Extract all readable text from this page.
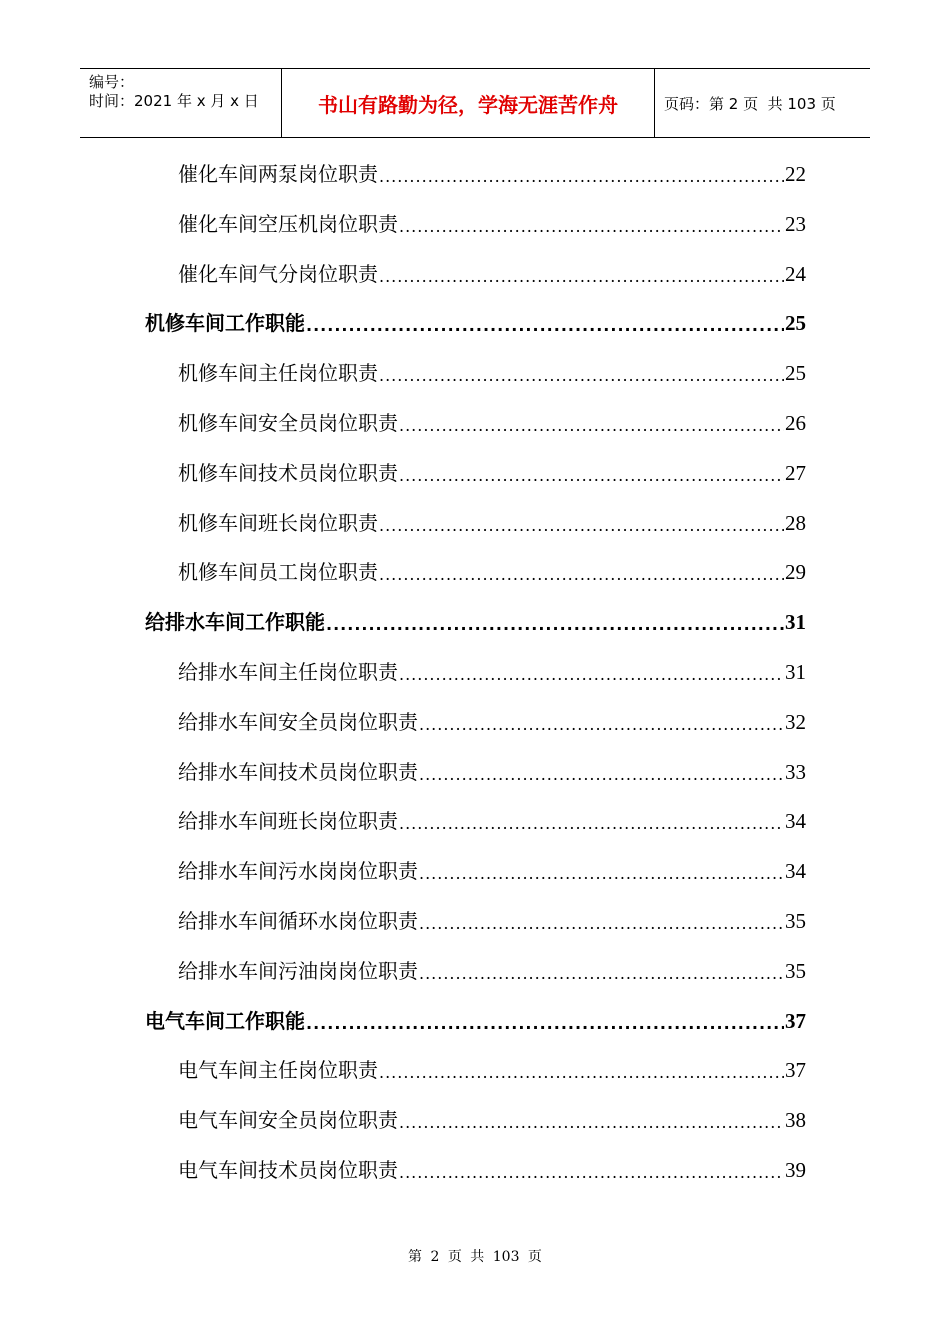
编号：
时间：2021 年 x 月 x 日	书山有路勤为径，学海无涯苦作舟	页码：第 2 页  共 103 页
催化车间两泵岗位职责 .....	22
催化车间空压机岗位职责 .....	23
催化车间气分岗位职责 .....	24
机修车间工作职能 .....	25
机修车间主任岗位职责 .....	25
机修车间安全员岗位职责 .....	26
机修车间技术员岗位职责 .....	27
机修车间班长岗位职责 .....	28
机修车间员工岗位职责 .....	29
给排水车间工作职能 .....	31
给排水车间主任岗位职责 .....	31
给排水车间安全员岗位职责 .....	32
给排水车间技术员岗位职责 .....	33
给排水车间班长岗位职责 .....	34
给排水车间污水岗岗位职责 .....	34
给排水车间循环水岗位职责 .....	35
给排水车间污油岗岗位职责 .....	35
电气车间工作职能 .....	37
电气车间主任岗位职责 .....	37
电气车间安全员岗位职责 .....	38
电气车间技术员岗位职责 .....	39
第 2 页 共 103 页
